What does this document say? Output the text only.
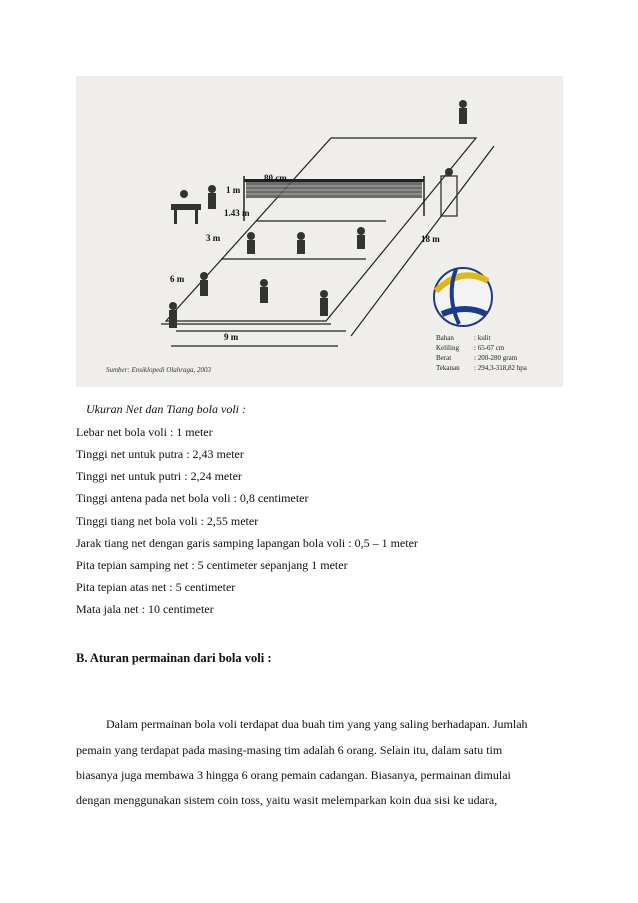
80 cm
1 m
1.43 m
3 m
6 m
9 m
18 m
Bahan	: kulit
Keliling : 65-67 cm
Berat	: 200-280 gram
Tekanan : 294,3-318,82 hpa
Sumber: Ensiklopedi Olahraga, 2003
Ukuran Net dan Tiang bola voli :
Lebar net bola voli : 1 meter
Tinggi net untuk putra : 2,43 meter
Tinggi net untuk putri : 2,24 meter
Tinggi antena pada net bola voli : 0,8 centimeter
Tinggi tiang net bola voli : 2,55 meter
Jarak tiang net dengan garis samping lapangan bola voli : 0,5 – 1 meter
Pita tepian samping net : 5 centimeter sepanjang 1 meter
Pita tepian atas net : 5 centimeter
Mata jala net : 10 centimeter
B. Aturan permainan dari bola voli :
Dalam permainan bola voli terdapat dua buah tim yang yang saling berhadapan. Jumlah
pemain yang terdapat pada masing-masing tim adalah 6 orang. Selain itu, dalam satu tim
biasanya juga membawa 3 hingga 6 orang pemain cadangan. Biasanya, permainan dimulai
dengan menggunakan sistem coin toss, yaitu wasit melemparkan koin dua sisi ke udara,
